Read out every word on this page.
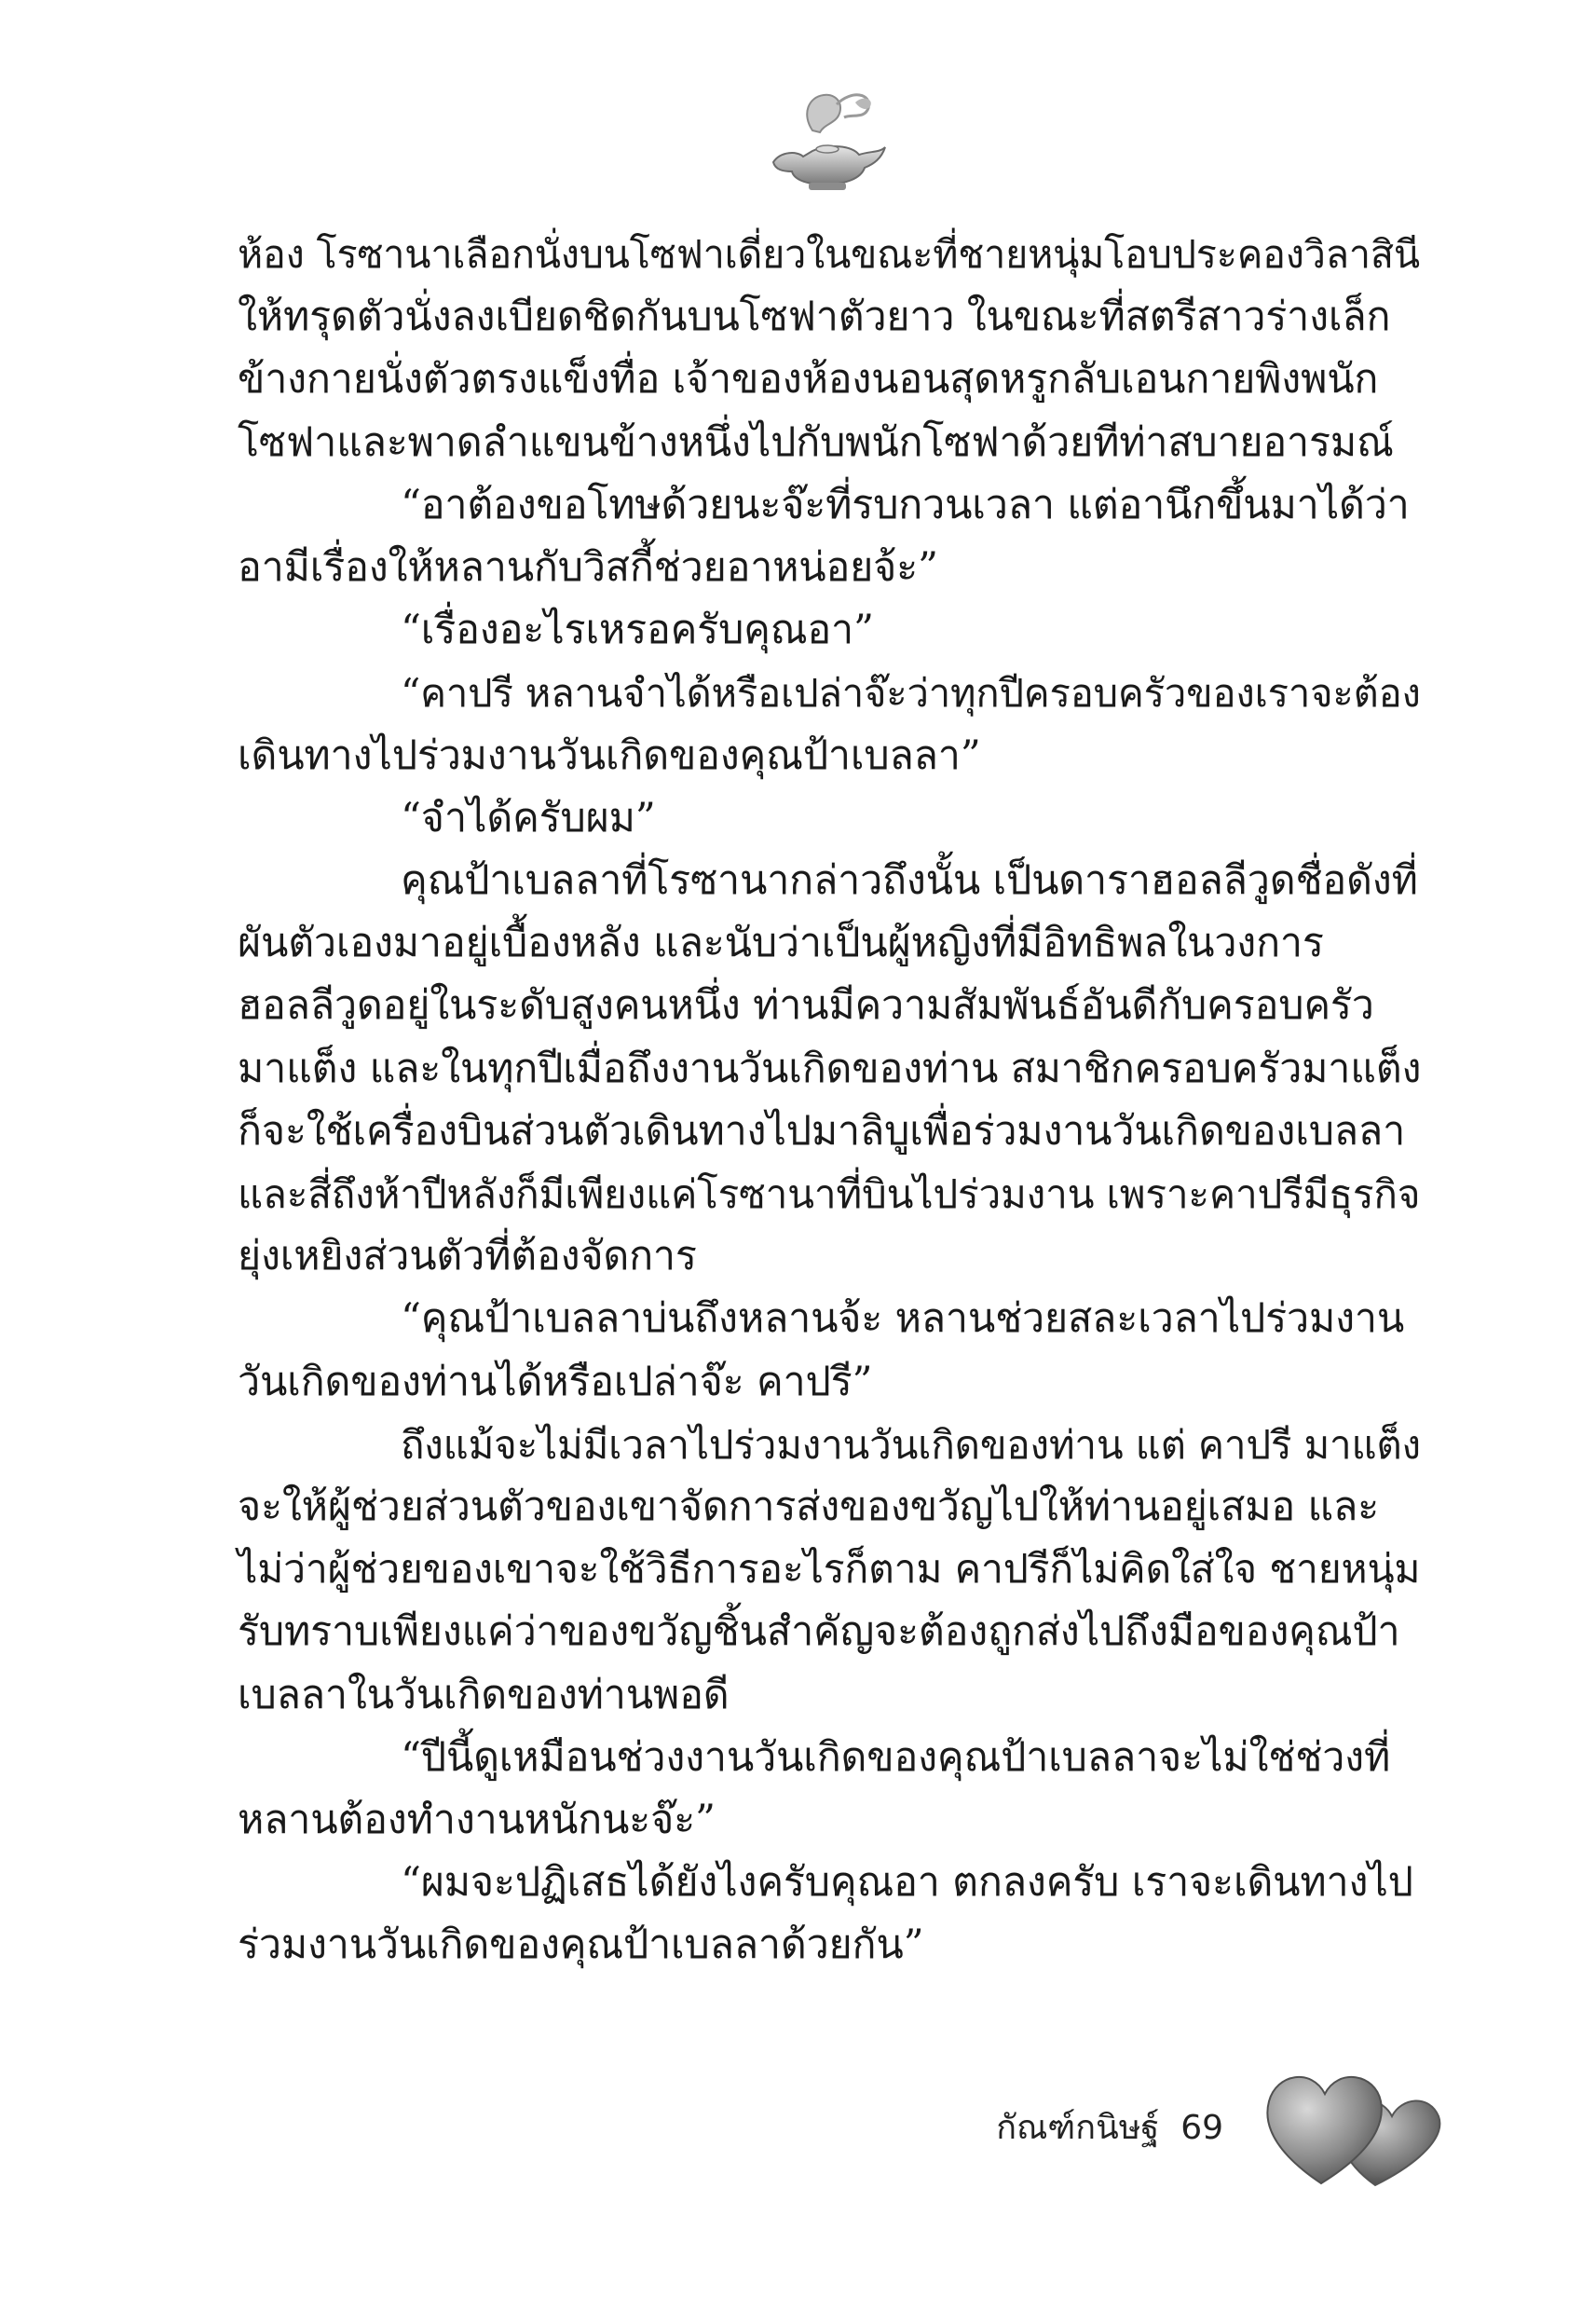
ห้อง โรซานาเลือกนั่งบนโซฟาเดี่ยวในขณะที่ชายหนุ่มโอบประคองวิลาสินี
ให้ทรุดตัวนั่งลงเบียดชิดกันบนโซฟาตัวยาว ในขณะที่สตรีสาวร่างเล็ก
ข้างกายนั่งตัวตรงแข็งทื่อ เจ้าของห้องนอนสุดหรูกลับเอนกายพิงพนัก
โซฟาและพาดลำแขนข้างหนึ่งไปกับพนักโซฟาด้วยทีท่าสบายอารมณ์
“อาต้องขอโทษด้วยนะจ๊ะที่รบกวนเวลา แต่อานึกขึ้นมาได้ว่า
อามีเรื่องให้หลานกับวิสกี้ช่วยอาหน่อยจ้ะ”
“เรื่องอะไรเหรอครับคุณอา”
“คาปรี หลานจำได้หรือเปล่าจ๊ะว่าทุกปีครอบครัวของเราจะต้อง
เดินทางไปร่วมงานวันเกิดของคุณป้าเบลลา”
“จำได้ครับผม”
คุณป้าเบลลาที่โรซานากล่าวถึงนั้น เป็นดาราฮอลลีวูดชื่อดังที่
ผันตัวเองมาอยู่เบื้องหลัง และนับว่าเป็นผู้หญิงที่มีอิทธิพลในวงการ
ฮอลลีวูดอยู่ในระดับสูงคนหนึ่ง ท่านมีความสัมพันธ์อันดีกับครอบครัว
มาแต็ง และในทุกปีเมื่อถึงงานวันเกิดของท่าน สมาชิกครอบครัวมาแต็ง
ก็จะใช้เครื่องบินส่วนตัวเดินทางไปมาลิบูเพื่อร่วมงานวันเกิดของเบลลา
และสี่ถึงห้าปีหลังก็มีเพียงแค่โรซานาที่บินไปร่วมงาน เพราะคาปรีมีธุรกิจ
ยุ่งเหยิงส่วนตัวที่ต้องจัดการ
“คุณป้าเบลลาบ่นถึงหลานจ้ะ หลานช่วยสละเวลาไปร่วมงาน
วันเกิดของท่านได้หรือเปล่าจ๊ะ คาปรี”
ถึงแม้จะไม่มีเวลาไปร่วมงานวันเกิดของท่าน แต่ คาปรี มาแต็ง
จะให้ผู้ช่วยส่วนตัวของเขาจัดการส่งของขวัญไปให้ท่านอยู่เสมอ และ
ไม่ว่าผู้ช่วยของเขาจะใช้วิธีการอะไรก็ตาม คาปรีก็ไม่คิดใส่ใจ ชายหนุ่ม
รับทราบเพียงแค่ว่าของขวัญชิ้นสำคัญจะต้องถูกส่งไปถึงมือของคุณป้า
เบลลาในวันเกิดของท่านพอดี
“ปีนี้ดูเหมือนช่วงงานวันเกิดของคุณป้าเบลลาจะไม่ใช่ช่วงที่
หลานต้องทำงานหนักนะจ๊ะ”
“ผมจะปฏิเสธได้ยังไงครับคุณอา ตกลงครับ เราจะเดินทางไป
ร่วมงานวันเกิดของคุณป้าเบลลาด้วยกัน”
กัณฑ์กนิษฐ์ 69
